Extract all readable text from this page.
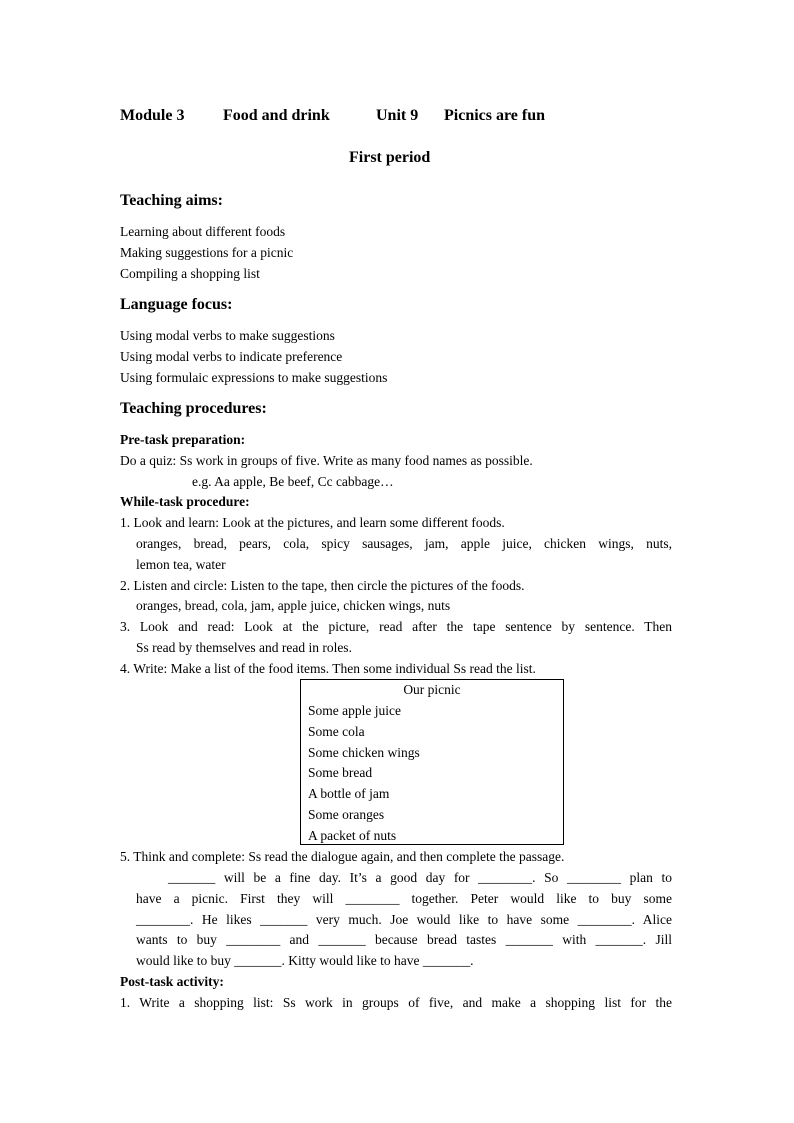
Module 3 Food and drink	Unit 9 Picnics are fun
First period
Teaching aims:
Learning about different foods
Making suggestions for a picnic
Compiling a shopping list
Language focus:
Using modal verbs to make suggestions
Using modal verbs to indicate preference
Using formulaic expressions to make suggestions
Teaching procedures:
Pre-task preparation:
Do a quiz: Ss work in groups of five. Write as many food names as possible.
e.g. Aa apple, Be beef, Cc cabbage…
While-task procedure:
1. Look and learn: Look at the pictures, and learn some different foods.
oranges, bread, pears, cola, spicy sausages, jam, apple juice, chicken wings, nuts,
lemon tea, water
2. Listen and circle: Listen to the tape, then circle the pictures of the foods.
oranges, bread, cola, jam, apple juice, chicken wings, nuts
3. Look and read: Look at the picture, read after the tape sentence by sentence. Then
Ss read by themselves and read in roles.
4. Write: Make a list of the food items. Then some individual Ss read the list.
Our picnic
Some apple juice
Some cola
Some chicken wings
Some bread
A bottle of jam
Some oranges
A packet of nuts
5. Think and complete: Ss read the dialogue again, and then complete the passage.
_______ will be a fine day. It’s a good day for ________. So ________ plan to
have a picnic. First they will ________ together. Peter would like to buy some
________. He likes _______ very much. Joe would like to have some ________. Alice
wants to buy ________ and _______ because bread tastes _______ with _______. Jill
would like to buy _______. Kitty would like to have _______.
Post-task activity:
1. Write a shopping list: Ss work in groups of five, and make a shopping list for the
